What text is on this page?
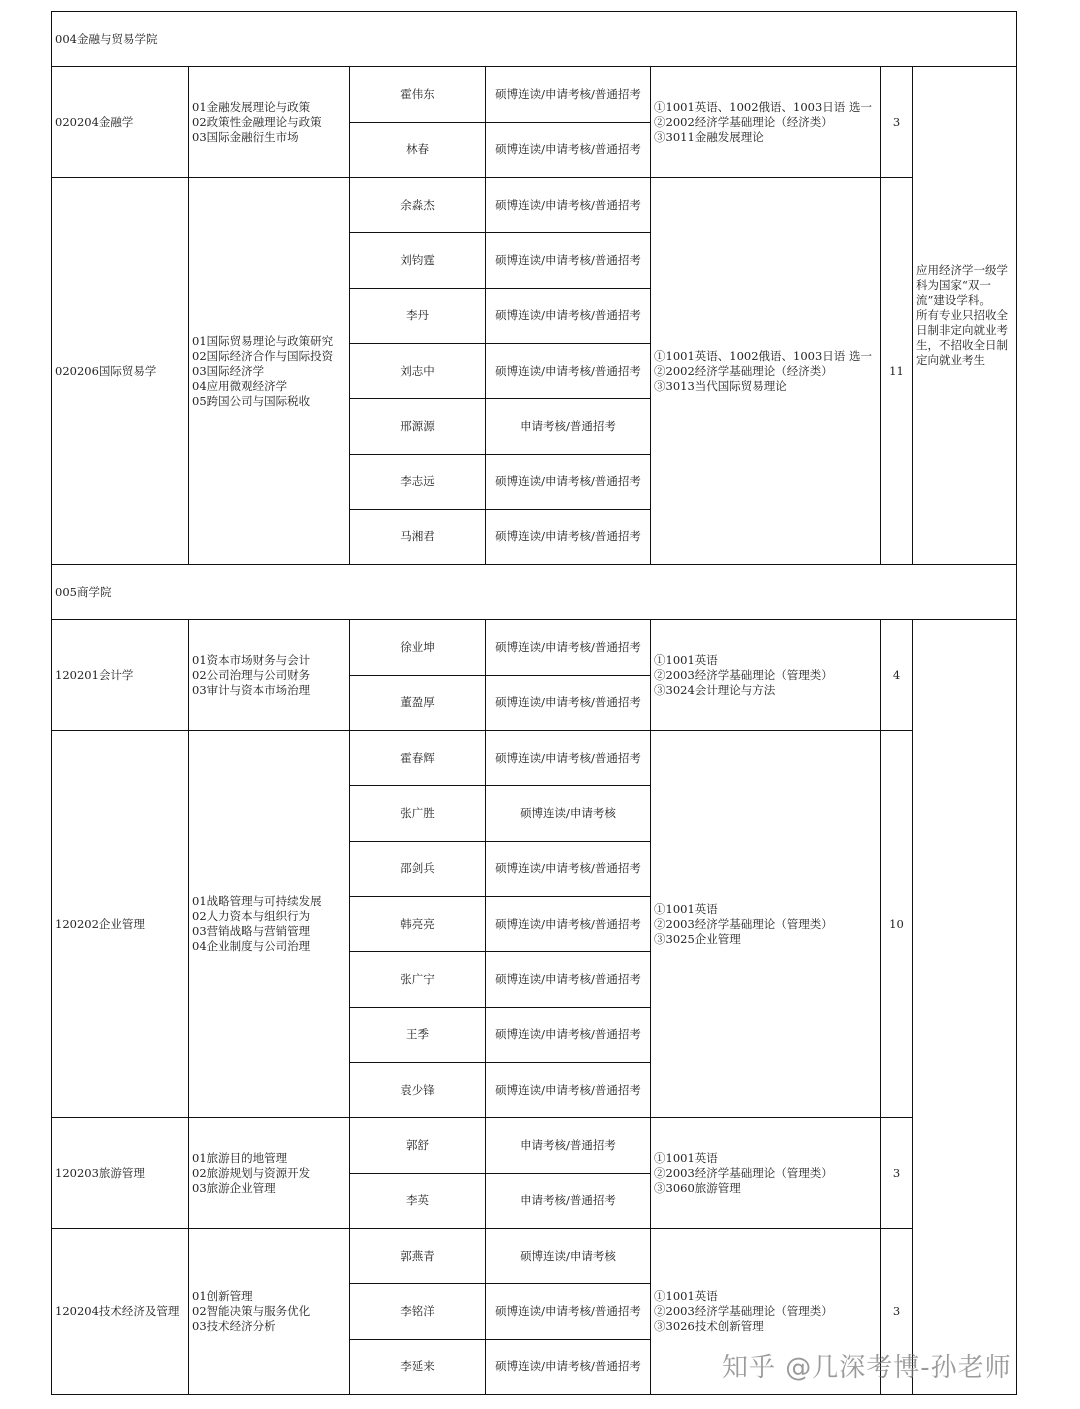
004金融与贸易学院						
020204金融学	01金融发展理论与政策
02政策性金融理论与政策
03国际金融衍生市场	霍伟东	硕博连读/申请考核/普通招考	①1001英语、1002俄语、1003日语 选一
②2002经济学基础理论（经济类）
③3011金融发展理论	3	应用经济学一级学科为国家“双一流”建设学科。
所有专业只招收全日制非定向就业考生，不招收全日制定向就业考生

		林春	硕博连读/申请考核/普通招考			
020206国际贸易学	01国际贸易理论与政策研究
02国际经济合作与国际投资
03国际经济学
04应用微观经济学
05跨国公司与国际税收	余淼杰	硕博连读/申请考核/普通招考	①1001英语、1002俄语、1003日语 选一
②2002经济学基础理论（经济类）
③3013当代国际贸易理论	11	
		刘钧霆	硕博连读/申请考核/普通招考			
		李丹	硕博连读/申请考核/普通招考			
		刘志中	硕博连读/申请考核/普通招考			
		邢源源	申请考核/普通招考			
		李志远	硕博连读/申请考核/普通招考			
		马湘君	硕博连读/申请考核/普通招考			
005商学院						
120201会计学	01资本市场财务与会计
02公司治理与公司财务
03审计与资本市场治理	徐业坤	硕博连读/申请考核/普通招考	①1001英语
②2003经济学基础理论（管理类）
③3024会计理论与方法	4	
		董盈厚	硕博连读/申请考核/普通招考			
120202企业管理	01战略管理与可持续发展
02人力资本与组织行为
03营销战略与营销管理
04企业制度与公司治理	霍春辉	硕博连读/申请考核/普通招考	①1001英语
②2003经济学基础理论（管理类）
③3025企业管理	10	
		张广胜	硕博连读/申请考核			
		邵剑兵	硕博连读/申请考核/普通招考			
		韩亮亮	硕博连读/申请考核/普通招考			
		张广宁	硕博连读/申请考核/普通招考			
		王季	硕博连读/申请考核/普通招考			
		袁少锋	硕博连读/申请考核/普通招考			
120203旅游管理	01旅游目的地管理
02旅游规划与资源开发
03旅游企业管理	郭舒	申请考核/普通招考	①1001英语
②2003经济学基础理论（管理类）
③3060旅游管理	3	
		李英	申请考核/普通招考			
120204技术经济及管理	01创新管理
02智能决策与服务优化
03技术经济分析	郭燕青	硕博连读/申请考核	①1001英语
②2003经济学基础理论（管理类）
③3026技术创新管理	3	
		李铭洋	硕博连读/申请考核/普通招考			
		李延来	硕博连读/申请考核/普通招考				知乎 @几深考博-孙老师
